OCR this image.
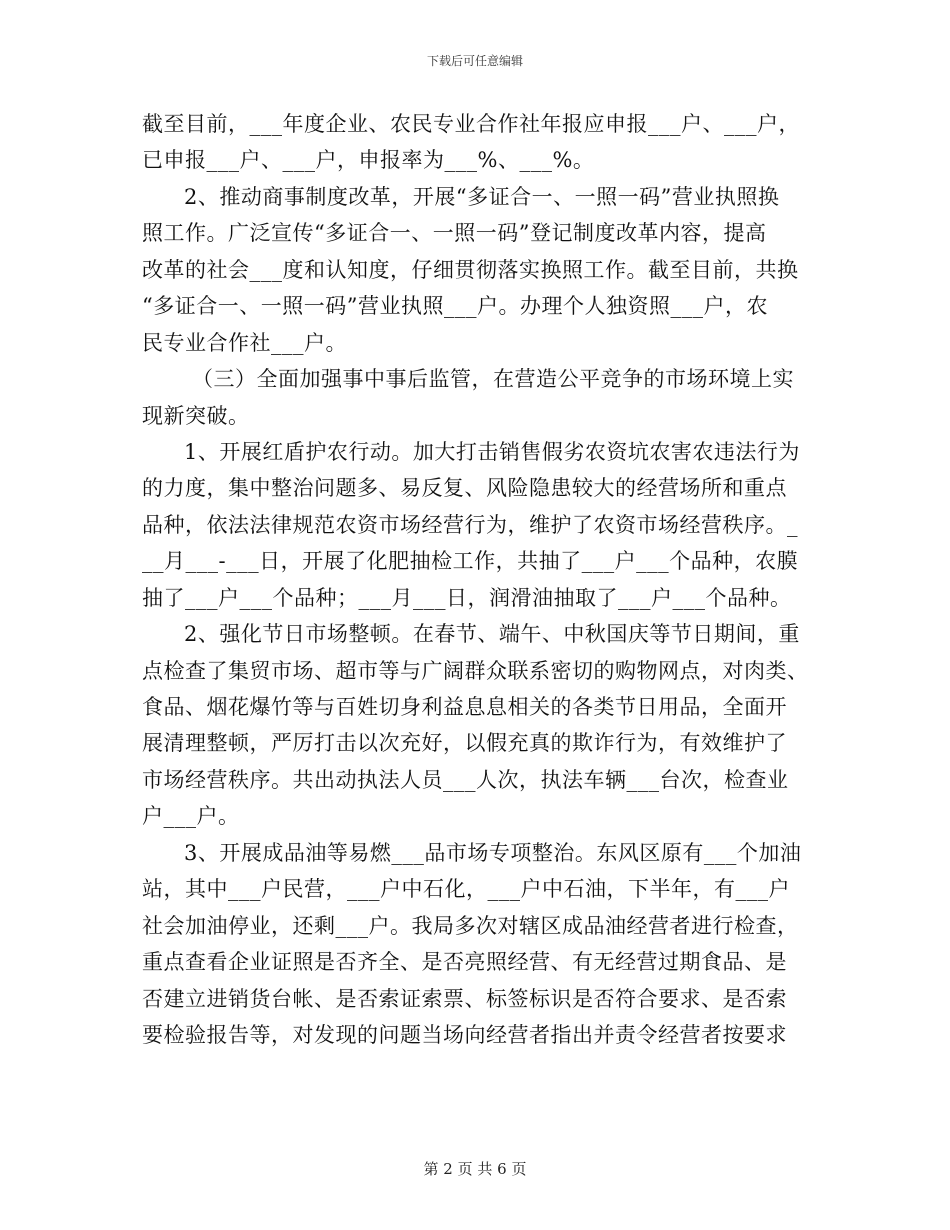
下载后可任意编辑
截至目前，___年度企业、农民专业合作社年报应申报___户、___户，
已申报___户、___户，申报率为___%、___%。
2、推动商事制度改革，开展“多证合一、一照一码”营业执照换
照工作。广泛宣传“多证合一、一照一码”登记制度改革内容，提高
改革的社会___度和认知度，仔细贯彻落实换照工作。截至目前，共换
“多证合一、一照一码”营业执照___户。办理个人独资照___户，农
民专业合作社___户。
（三）全面加强事中事后监管，在营造公平竞争的市场环境上实
现新突破。
1、开展红盾护农行动。加大打击销售假劣农资坑农害农违法行为
的力度，集中整治问题多、易反复、风险隐患较大的经营场所和重点
品种，依法法律规范农资市场经营行为，维护了农资市场经营秩序。_
__月___-___日，开展了化肥抽检工作，共抽了___户___个品种，农膜
抽了___户___个品种；___月___日，润滑油抽取了___户___个品种。
2、强化节日市场整顿。在春节、端午、中秋国庆等节日期间，重
点检查了集贸市场、超市等与广阔群众联系密切的购物网点，对肉类、
食品、烟花爆竹等与百姓切身利益息息相关的各类节日用品，全面开
展清理整顿，严厉打击以次充好，以假充真的欺诈行为，有效维护了
市场经营秩序。共出动执法人员___人次，执法车辆___台次，检查业
户___户。
3、开展成品油等易燃___品市场专项整治。东风区原有___个加油
站，其中___户民营，___户中石化，___户中石油，下半年，有___户
社会加油停业，还剩___户。我局多次对辖区成品油经营者进行检查，
重点查看企业证照是否齐全、是否亮照经营、有无经营过期食品、是
否建立进销货台帐、是否索证索票、标签标识是否符合要求、是否索
要检验报告等，对发现的问题当场向经营者指出并责令经营者按要求
第 2 页 共 6 页
